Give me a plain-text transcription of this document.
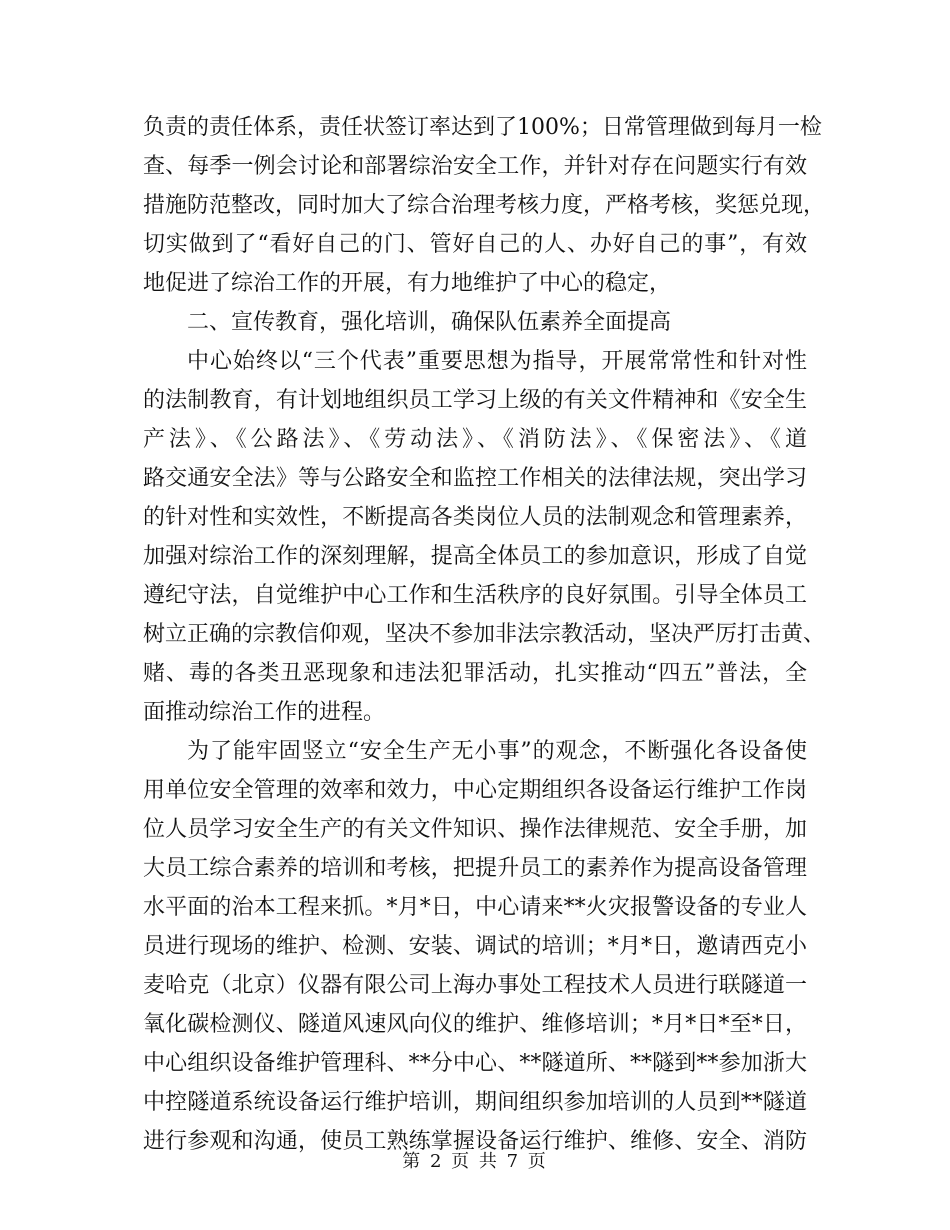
负责的责任体系，责任状签订率达到了100%；日常管理做到每月一检
查、每季一例会讨论和部署综治安全工作，并针对存在问题实行有效
措施防范整改，同时加大了综合治理考核力度，严格考核，奖惩兑现，
切实做到了“看好自己的门、管好自己的人、办好自己的事”，有效
地促进了综治工作的开展，有力地维护了中心的稳定，
二、宣传教育，强化培训，确保队伍素养全面提高
中心始终以“三个代表”重要思想为指导，开展常常性和针对性
的法制教育，有计划地组织员工学习上级的有关文件精神和《安全生
产法》、《公路法》、《劳动法》、《消防法》、《保密法》、《道
路交通安全法》等与公路安全和监控工作相关的法律法规，突出学习
的针对性和实效性，不断提高各类岗位人员的法制观念和管理素养，
加强对综治工作的深刻理解，提高全体员工的参加意识，形成了自觉
遵纪守法，自觉维护中心工作和生活秩序的良好氛围。引导全体员工
树立正确的宗教信仰观，坚决不参加非法宗教活动，坚决严厉打击黄、
赌、毒的各类丑恶现象和违法犯罪活动，扎实推动“四五”普法，全
面推动综治工作的进程。
为了能牢固竖立“安全生产无小事”的观念，不断强化各设备使
用单位安全管理的效率和效力，中心定期组织各设备运行维护工作岗
位人员学习安全生产的有关文件知识、操作法律规范、安全手册，加
大员工综合素养的培训和考核，把提升员工的素养作为提高设备管理
水平面的治本工程来抓。*月*日，中心请来**火灾报警设备的专业人
员进行现场的维护、检测、安装、调试的培训；*月*日，邀请西克小
麦哈克（北京）仪器有限公司上海办事处工程技术人员进行联隧道一
氧化碳检测仪、隧道风速风向仪的维护、维修培训；*月*日*至*日，
中心组织设备维护管理科、**分中心、**隧道所、**隧到**参加浙大
中控隧道系统设备运行维护培训，期间组织参加培训的人员到**隧道
进行参观和沟通，使员工熟练掌握设备运行维护、维修、安全、消防
第 2 页 共 7 页
